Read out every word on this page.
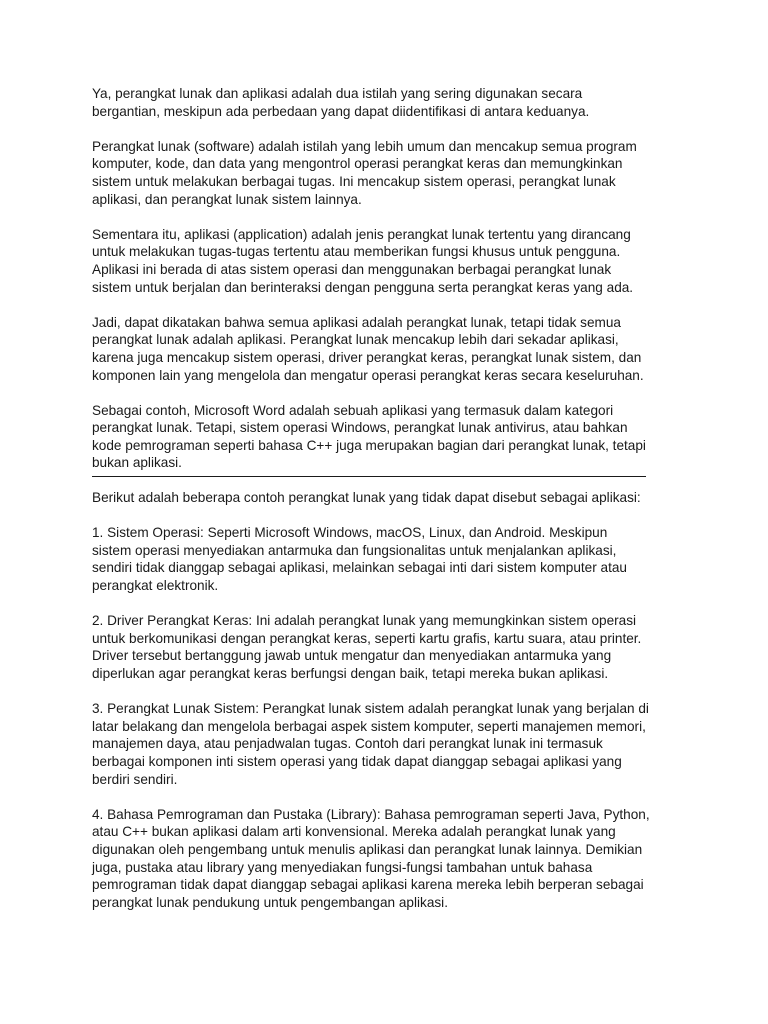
Ya, perangkat lunak dan aplikasi adalah dua istilah yang sering digunakan secara
bergantian, meskipun ada perbedaan yang dapat diidentifikasi di antara keduanya.

Perangkat lunak (software) adalah istilah yang lebih umum dan mencakup semua program
komputer, kode, dan data yang mengontrol operasi perangkat keras dan memungkinkan
sistem untuk melakukan berbagai tugas. Ini mencakup sistem operasi, perangkat lunak
aplikasi, dan perangkat lunak sistem lainnya.

Sementara itu, aplikasi (application) adalah jenis perangkat lunak tertentu yang dirancang
untuk melakukan tugas-tugas tertentu atau memberikan fungsi khusus untuk pengguna.
Aplikasi ini berada di atas sistem operasi dan menggunakan berbagai perangkat lunak
sistem untuk berjalan dan berinteraksi dengan pengguna serta perangkat keras yang ada.

Jadi, dapat dikatakan bahwa semua aplikasi adalah perangkat lunak, tetapi tidak semua
perangkat lunak adalah aplikasi. Perangkat lunak mencakup lebih dari sekadar aplikasi,
karena juga mencakup sistem operasi, driver perangkat keras, perangkat lunak sistem, dan
komponen lain yang mengelola dan mengatur operasi perangkat keras secara keseluruhan.

Sebagai contoh, Microsoft Word adalah sebuah aplikasi yang termasuk dalam kategori
perangkat lunak. Tetapi, sistem operasi Windows, perangkat lunak antivirus, atau bahkan
kode pemrograman seperti bahasa C++ juga merupakan bagian dari perangkat lunak, tetapi
bukan aplikasi.

Berikut adalah beberapa contoh perangkat lunak yang tidak dapat disebut sebagai aplikasi:

1. Sistem Operasi: Seperti Microsoft Windows, macOS, Linux, dan Android. Meskipun
sistem operasi menyediakan antarmuka dan fungsionalitas untuk menjalankan aplikasi,
sendiri tidak dianggap sebagai aplikasi, melainkan sebagai inti dari sistem komputer atau
perangkat elektronik.

2. Driver Perangkat Keras: Ini adalah perangkat lunak yang memungkinkan sistem operasi
untuk berkomunikasi dengan perangkat keras, seperti kartu grafis, kartu suara, atau printer.
Driver tersebut bertanggung jawab untuk mengatur dan menyediakan antarmuka yang
diperlukan agar perangkat keras berfungsi dengan baik, tetapi mereka bukan aplikasi.

3. Perangkat Lunak Sistem: Perangkat lunak sistem adalah perangkat lunak yang berjalan di
latar belakang dan mengelola berbagai aspek sistem komputer, seperti manajemen memori,
manajemen daya, atau penjadwalan tugas. Contoh dari perangkat lunak ini termasuk
berbagai komponen inti sistem operasi yang tidak dapat dianggap sebagai aplikasi yang
berdiri sendiri.

4. Bahasa Pemrograman dan Pustaka (Library): Bahasa pemrograman seperti Java, Python,
atau C++ bukan aplikasi dalam arti konvensional. Mereka adalah perangkat lunak yang
digunakan oleh pengembang untuk menulis aplikasi dan perangkat lunak lainnya. Demikian
juga, pustaka atau library yang menyediakan fungsi-fungsi tambahan untuk bahasa
pemrograman tidak dapat dianggap sebagai aplikasi karena mereka lebih berperan sebagai
perangkat lunak pendukung untuk pengembangan aplikasi.
